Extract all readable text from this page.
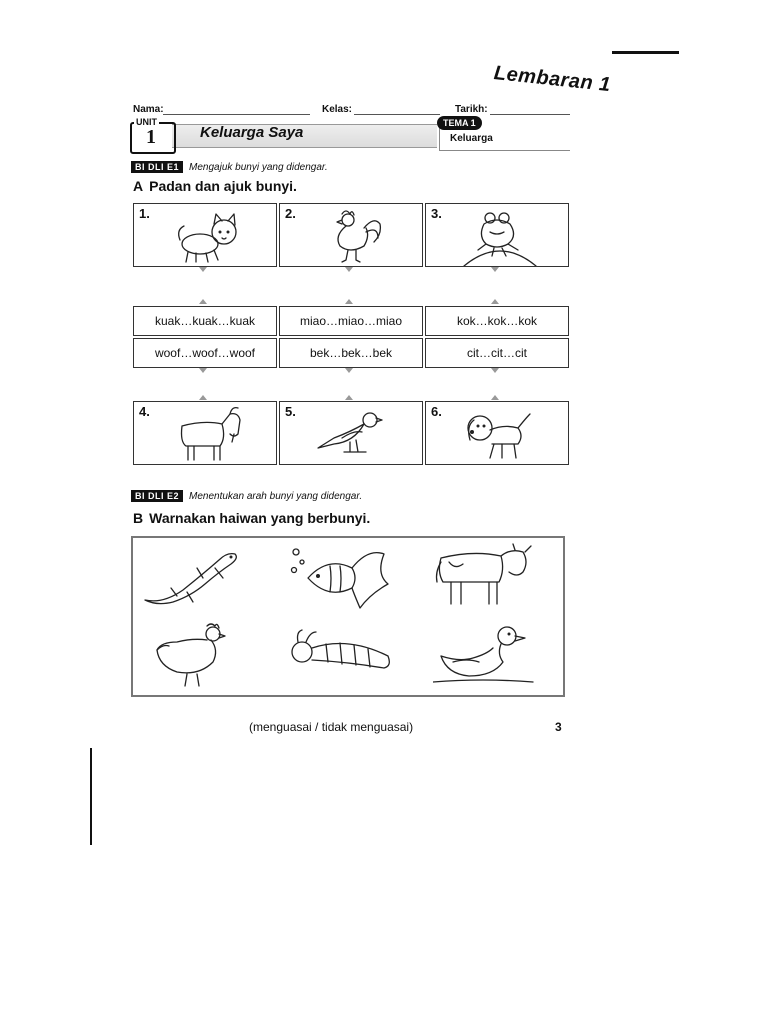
Lembaran 1
Nama:	Kelas:	Tarikh:
UNIT
1	Keluarga Saya
TEMA 1
Keluarga
BI DLI E1	Mengajuk bunyi yang didengar.
A Padan dan ajuk bunyi.
1.	2.	3.
kuak…kuak…kuak	miao…miao…miao	kok…kok…kok
woof…woof…woof	bek…bek…bek	cit…cit…cit
4.	5.	6.
BI DLI E2	Menentukan arah bunyi yang didengar.
B Warnakan haiwan yang berbunyi.
(menguasai / tidak menguasai)	3
